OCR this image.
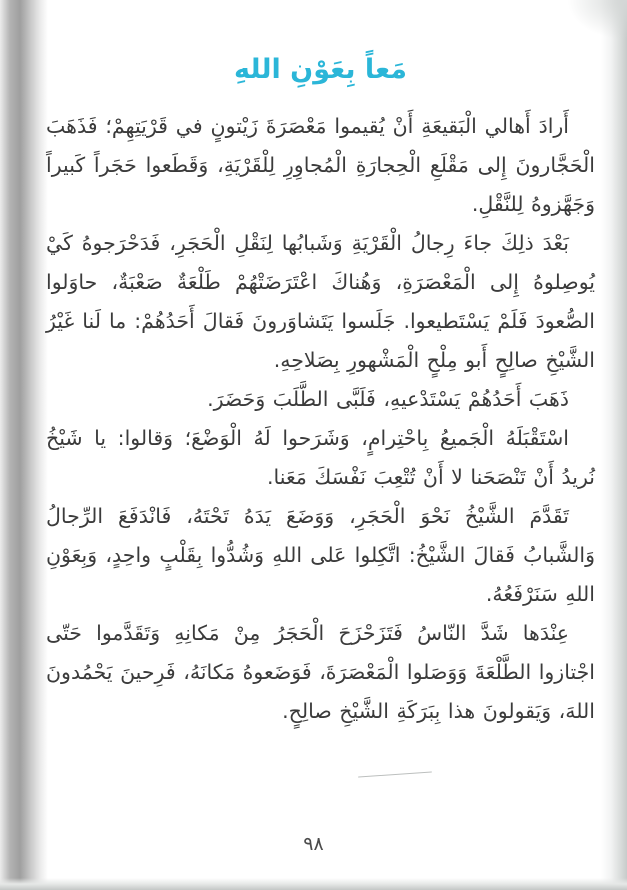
مَعاً بِعَوْنِ اللهِ

أَرادَ أَهالي الْبَقيعَةِ أَنْ يُقيموا مَعْصَرَةَ زَيْتونٍ في قَرْيَتِهِمْ؛ فَذَهَبَ الْحَجَّارونَ إِلى مَقْلَعِ الْحِجارَةِ الْمُجاوِرِ لِلْقَرْيَةِ، وَقَطَعوا حَجَراً كَبيراً وَجَهَّزوهُ لِلنَّقْلِ.

بَعْدَ ذلِكَ جاءَ رِجالُ الْقَرْيَةِ وَشَبابُها لِنَقْلِ الْحَجَرِ، فَدَحْرَجوهُ كَيْ يُوصِلوهُ إِلى الْمَعْصَرَةِ، وَهُناكَ اعْتَرَضَتْهُمْ طَلْعَةٌ صَعْبَةٌ، حاوَلوا الصُّعودَ فَلَمْ يَسْتَطيعوا. جَلَسوا يَتَشاوَرونَ فَقالَ أَحَدُهُمْ: ما لَنا غَيْرُ الشَّيْخِ صالِحٍ أَبو مِلْحٍ الْمَشْهورِ بِصَلاحِهِ.

ذَهَبَ أَحَدُهُمْ يَسْتَدْعيهِ، فَلَبَّى الطَّلَبَ وَحَضَرَ.

اسْتَقْبَلَهُ الْجَميعُ بِاحْتِرامٍ، وَشَرَحوا لَهُ الْوَضْعَ؛ وَقالوا: يا شَيْخُ نُريدُ أَنْ تَنْصَحَنا لا أَنْ تُتْعِبَ نَفْسَكَ مَعَنا.

تَقَدَّمَ الشَّيْخُ نَحْوَ الْحَجَرِ، وَوَضَعَ يَدَهُ تَحْتَهُ، فَانْدَفَعَ الرِّجالُ وَالشَّبابُ فَقالَ الشَّيْخُ: اتَّكِلوا عَلى اللهِ وَشُدُّوا بِقَلْبٍ واحِدٍ، وَبِعَوْنِ اللهِ سَنَرْفَعُهُ.

عِنْدَها شَدَّ النّاسُ فَتَزَحْزَحَ الْحَجَرُ مِنْ مَكانِهِ وَتَقَدَّموا حَتّى اجْتازوا الطَّلْعَةَ وَوَصَلوا الْمَعْصَرَةَ، فَوَضَعوهُ مَكانَهُ، فَرِحينَ يَحْمُدونَ اللهَ، وَيَقولونَ هذا بِبَرَكَةِ الشَّيْخِ صالِحٍ.

٩٨
